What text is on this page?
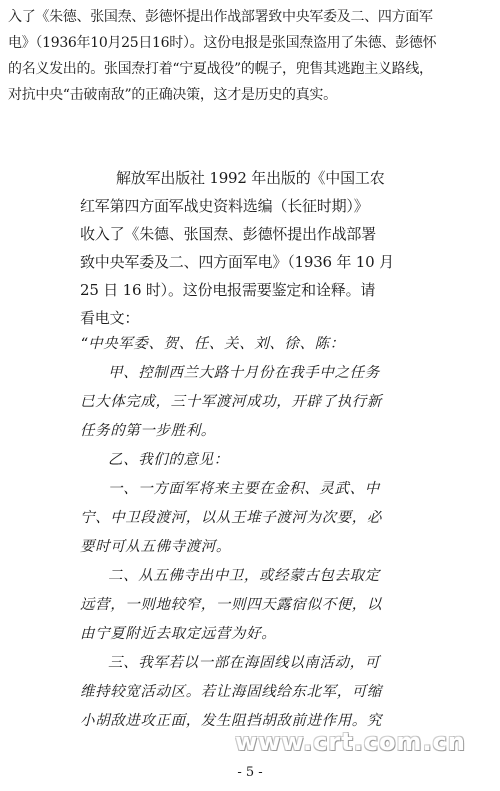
入了《朱德、张国焘、彭德怀提出作战部署致中央军委及二、四方面军
电》（1936年10月25日16时）。这份电报是张国焘盗用了朱德、彭德怀
的名义发出的。张国焘打着“宁夏战役”的幌子，兜售其逃跑主义路线，
对抗中央“击破南敌”的正确决策，这才是历史的真实。
解放军出版社 1992 年出版的《中国工农
红军第四方面军战史资料选编（长征时期）》
收入了《朱德、张国焘、彭德怀提出作战部署
致中央军委及二、四方面军电》（1936 年 10 月
25 日 16 时）。这份电报需要鉴定和诠释。请
看电文：
“中央军委、贺、任、关、刘、徐、陈：
甲、控制西兰大路十月份在我手中之任务
已大体完成，三十军渡河成功，开辟了执行新
任务的第一步胜利。
乙、我们的意见：
一、一方面军将来主要在金积、灵武、中
宁、中卫段渡河，以从王堆子渡河为次要，必
要时可从五佛寺渡河。
二、从五佛寺出中卫，或经蒙古包去取定
远营，一则地较窄，一则四天露宿似不便，以
由宁夏附近去取定远营为好。
三、我军若以一部在海固线以南活动，可
维持较宽活动区。若让海固线给东北军，可缩
小胡敌进攻正面，发生阻挡胡敌前进作用。究
www.crt.com.cn
- 5 -
